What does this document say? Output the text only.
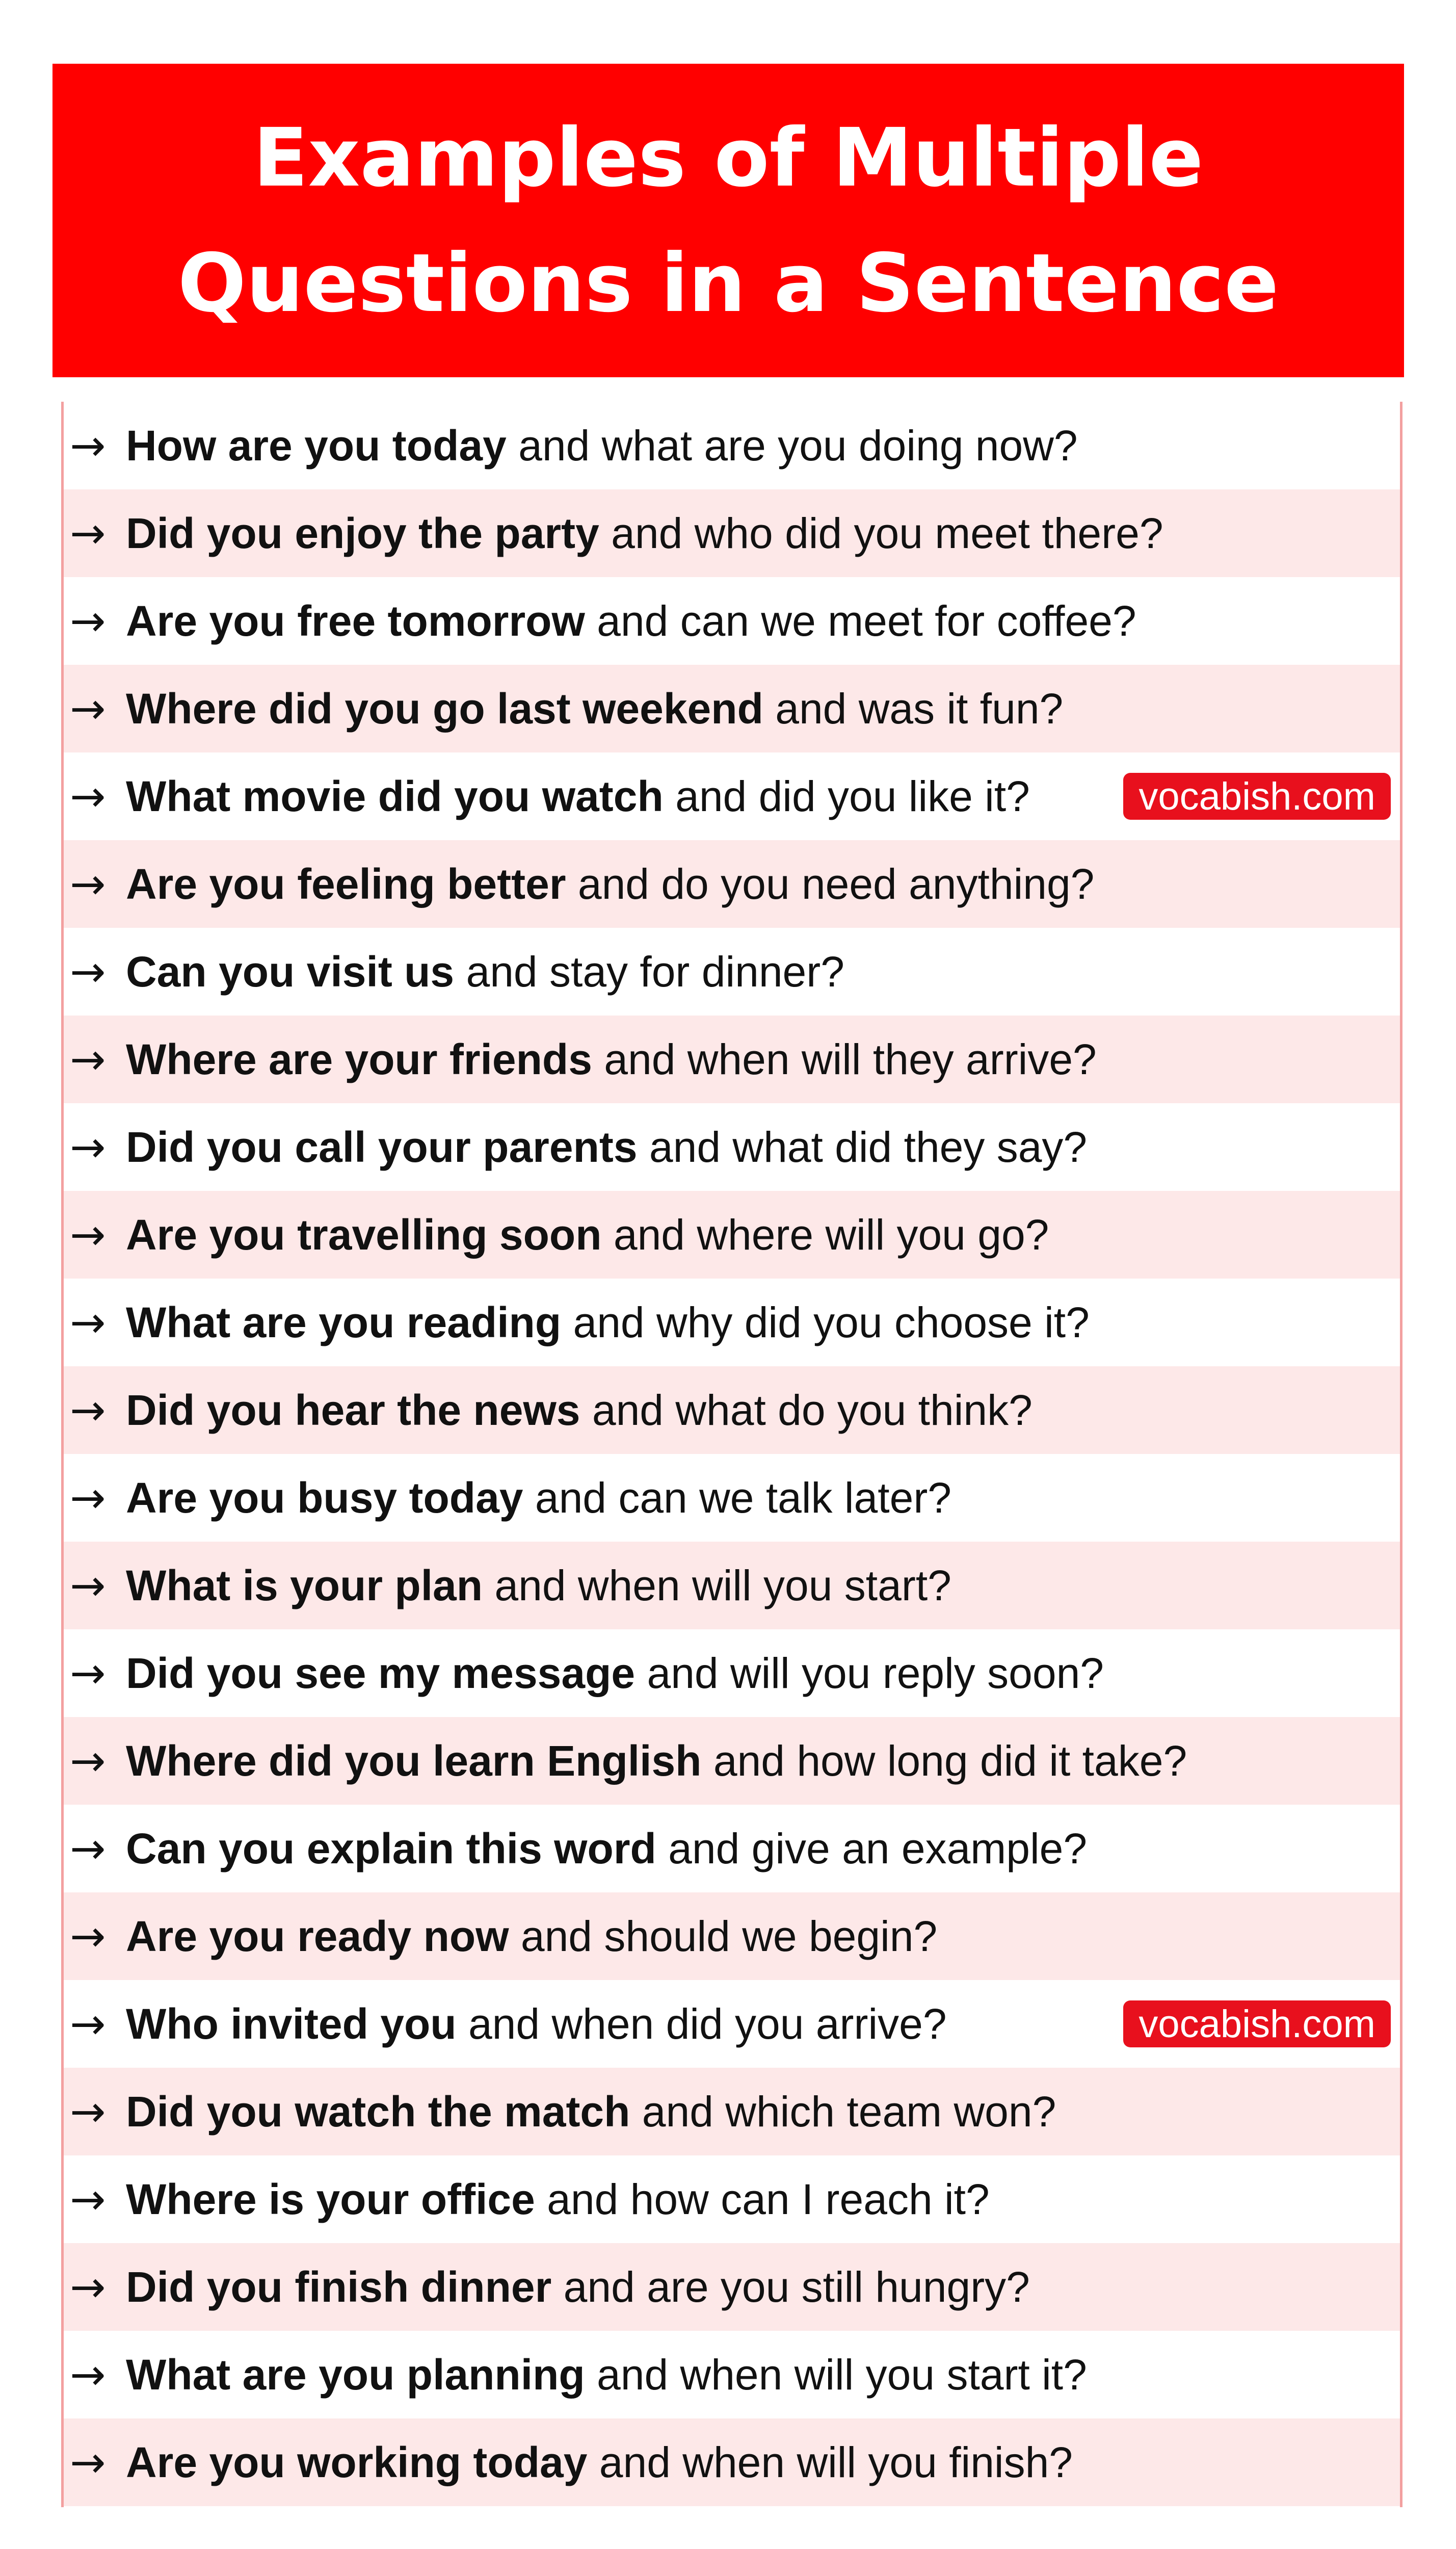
Examples of Multiple
Questions in a Sentence
→ How are you today and what are you doing now?
→ Did you enjoy the party and who did you meet there?
→ Are you free tomorrow and can we meet for coffee?
→ Where did you go last weekend and was it fun?
→ What movie did you watch and did you like it?	vocabish.com
→ Are you feeling better and do you need anything?
→ Can you visit us and stay for dinner?
→ Where are your friends and when will they arrive?
→ Did you call your parents and what did they say?
→ Are you travelling soon and where will you go?
→ What are you reading and why did you choose it?
→ Did you hear the news and what do you think?
→ Are you busy today and can we talk later?
→ What is your plan and when will you start?
→ Did you see my message and will you reply soon?
→ Where did you learn English and how long did it take?
→ Can you explain this word and give an example?
→ Are you ready now and should we begin?
→ Who invited you and when did you arrive?	vocabish.com
→ Did you watch the match and which team won?
→ Where is your office and how can I reach it?
→ Did you finish dinner and are you still hungry?
→ What are you planning and when will you start it?
→ Are you working today and when will you finish?
